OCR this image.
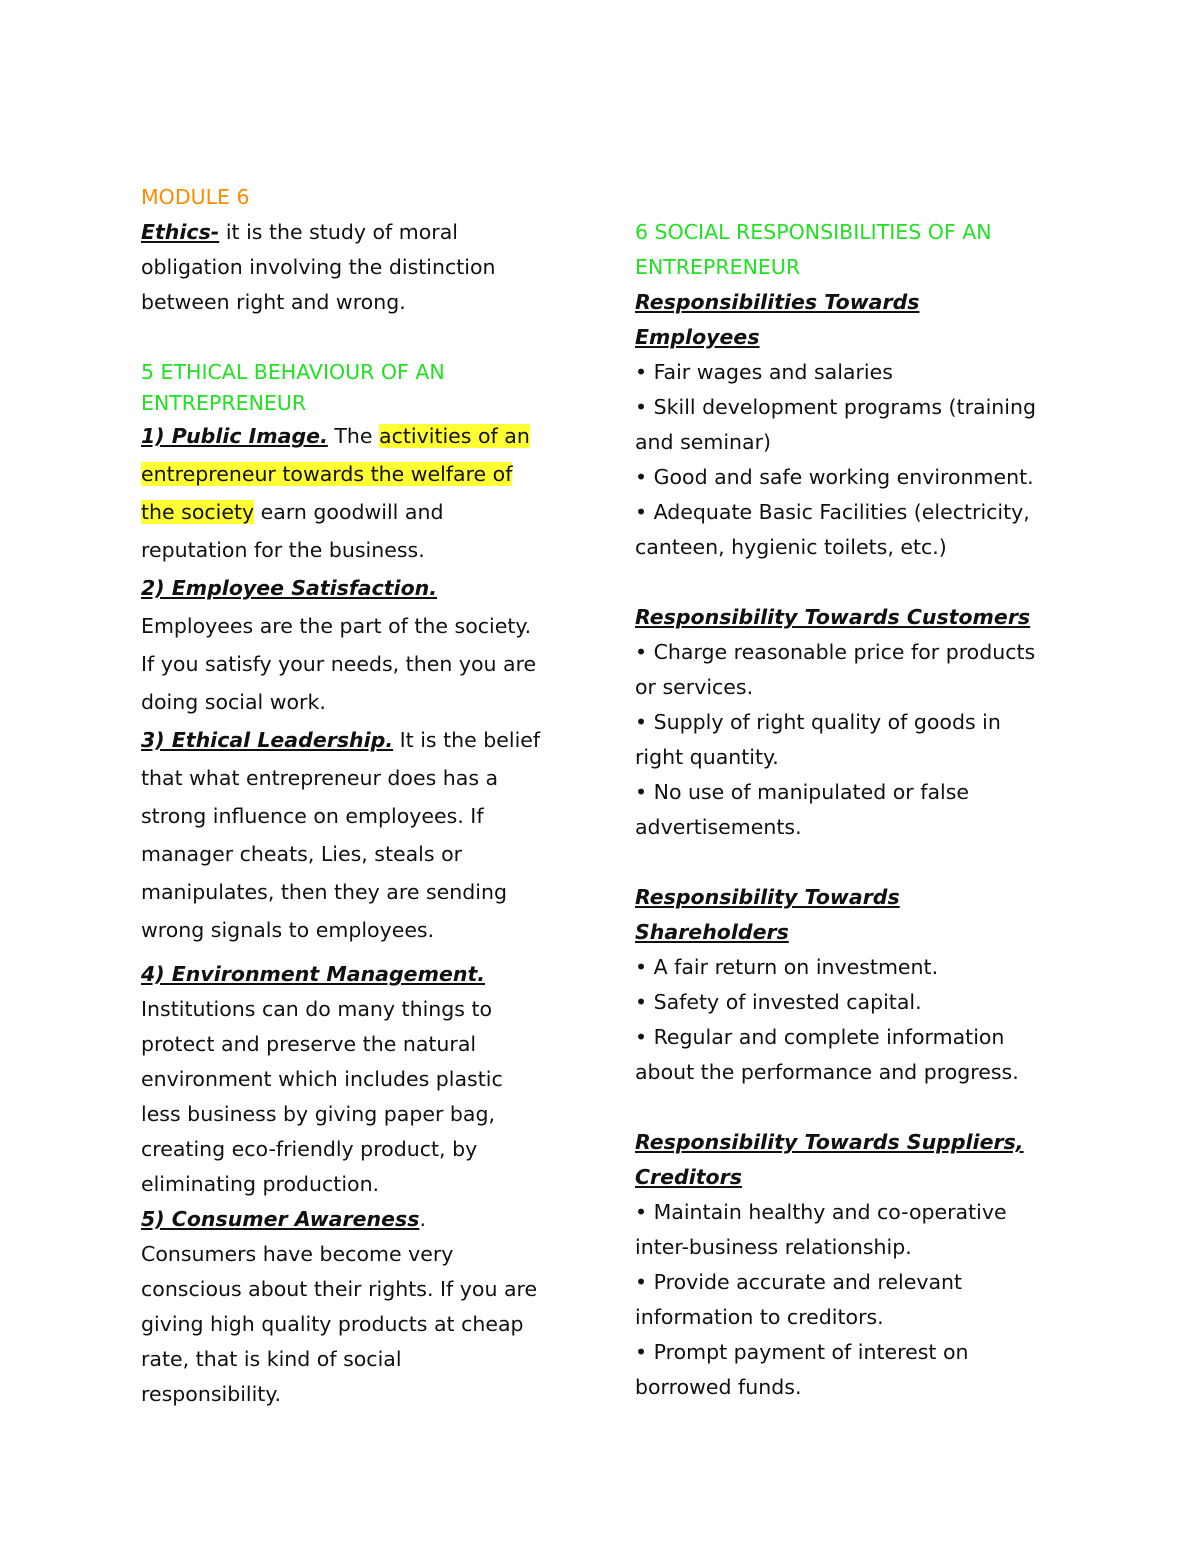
MODULE 6

Ethics- it is the study of moral

obligation involving the distinction

between right and wrong.

5 ETHICAL BEHAVIOUR OF AN

ENTREPRENEUR

1) Public Image. The activities of an

entrepreneur towards the welfare of

the society earn goodwill and

reputation for the business.

2) Employee Satisfaction.

Employees are the part of the society.

If you satisfy your needs, then you are

doing social work.

3) Ethical Leadership. It is the belief

that what entrepreneur does has a

strong influence on employees. If

manager cheats, Lies, steals or

manipulates, then they are sending

wrong signals to employees.

4) Environment Management.

Institutions can do many things to

protect and preserve the natural

environment which includes plastic

less business by giving paper bag,

creating eco-friendly product, by

eliminating production.

5) Consumer Awareness.

Consumers have become very

conscious about their rights. If you are

giving high quality products at cheap

rate, that is kind of social

responsibility.

6 SOCIAL RESPONSIBILITIES OF AN

ENTREPRENEUR

Responsibilities Towards

Employees

• Fair wages and salaries

• Skill development programs (training

and seminar)

• Good and safe working environment.

• Adequate Basic Facilities (electricity,

canteen, hygienic toilets, etc.)

Responsibility Towards Customers

• Charge reasonable price for products

or services.

• Supply of right quality of goods in

right quantity.

• No use of manipulated or false

advertisements.

Responsibility Towards

Shareholders

• A fair return on investment.

• Safety of invested capital.

• Regular and complete information

about the performance and progress.

Responsibility Towards Suppliers,

Creditors

• Maintain healthy and co-operative

inter-business relationship.

• Provide accurate and relevant

information to creditors.

• Prompt payment of interest on

borrowed funds.
